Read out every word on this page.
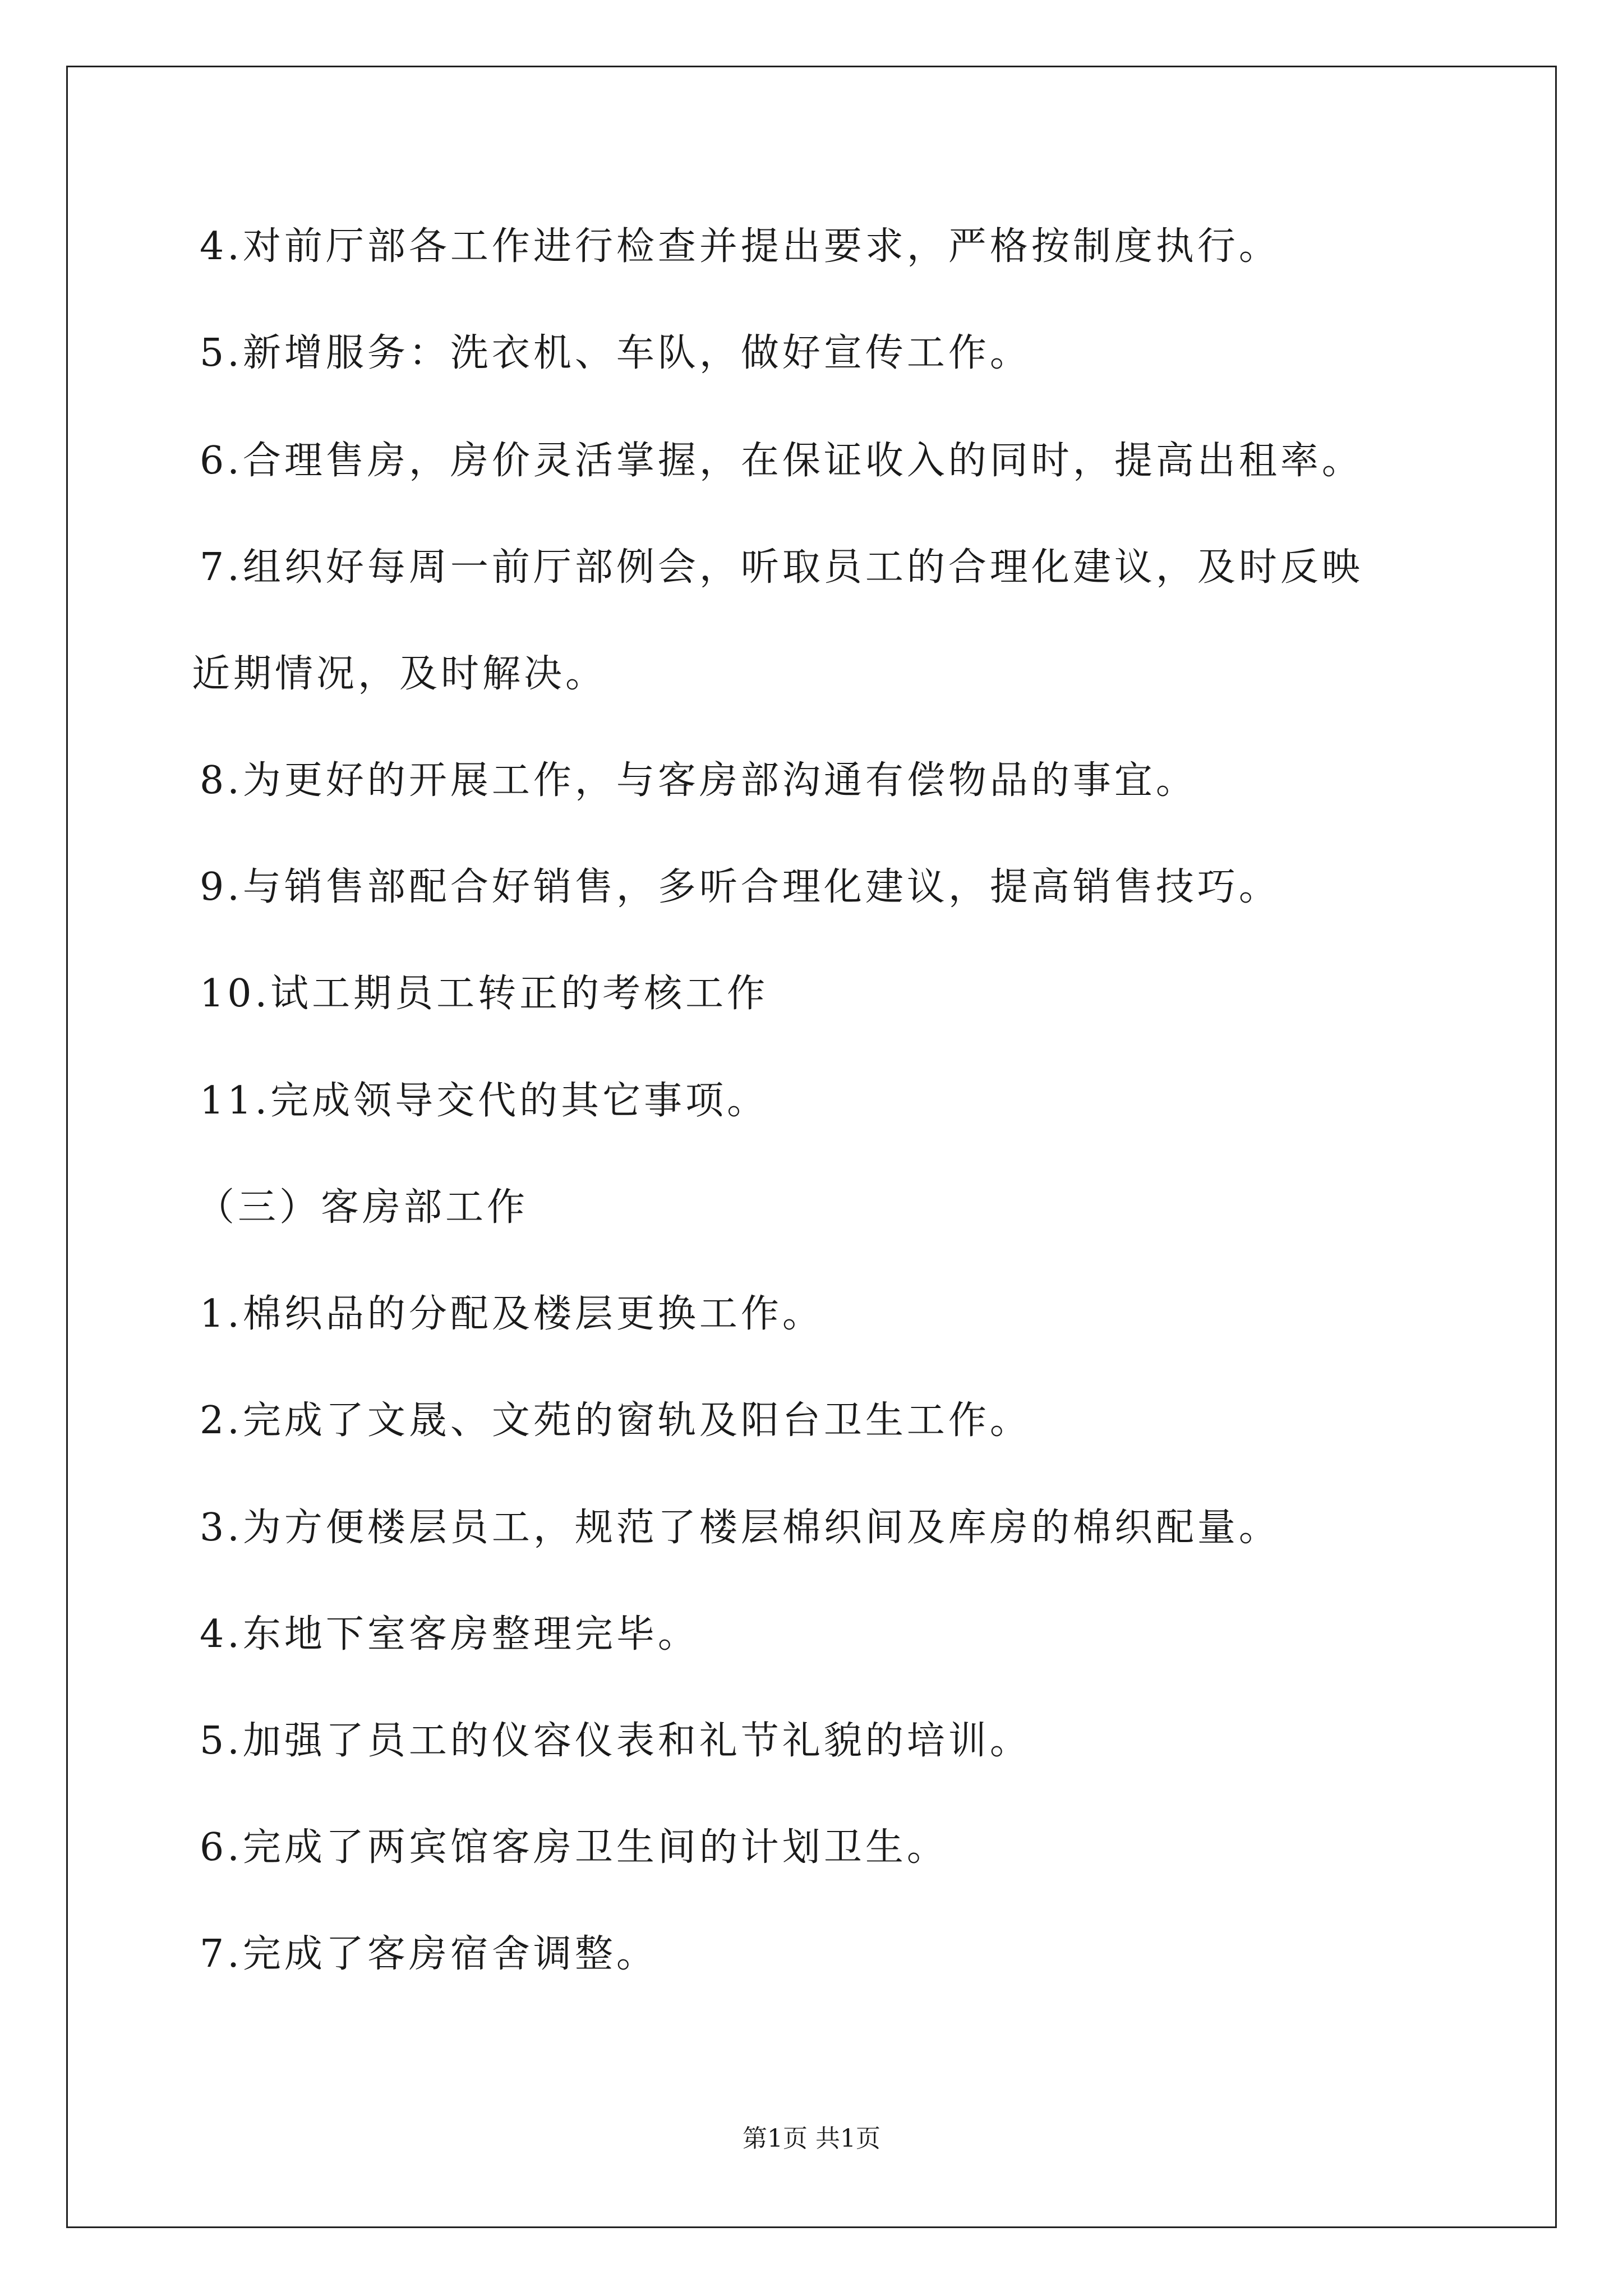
4.对前厅部各工作进行检查并提出要求，严格按制度执行。
5.新增服务：洗衣机、车队，做好宣传工作。
6.合理售房，房价灵活掌握，在保证收入的同时，提高出租率。
7.组织好每周一前厅部例会，听取员工的合理化建议，及时反映
近期情况，及时解决。
8.为更好的开展工作，与客房部沟通有偿物品的事宜。
9.与销售部配合好销售，多听合理化建议，提高销售技巧。
10.试工期员工转正的考核工作
11.完成领导交代的其它事项。
（三）客房部工作
1.棉织品的分配及楼层更换工作。
2.完成了文晟、文苑的窗轨及阳台卫生工作。
3.为方便楼层员工，规范了楼层棉织间及库房的棉织配量。
4.东地下室客房整理完毕。
5.加强了员工的仪容仪表和礼节礼貌的培训。
6.完成了两宾馆客房卫生间的计划卫生。
7.完成了客房宿舍调整。
第1页 共1页
